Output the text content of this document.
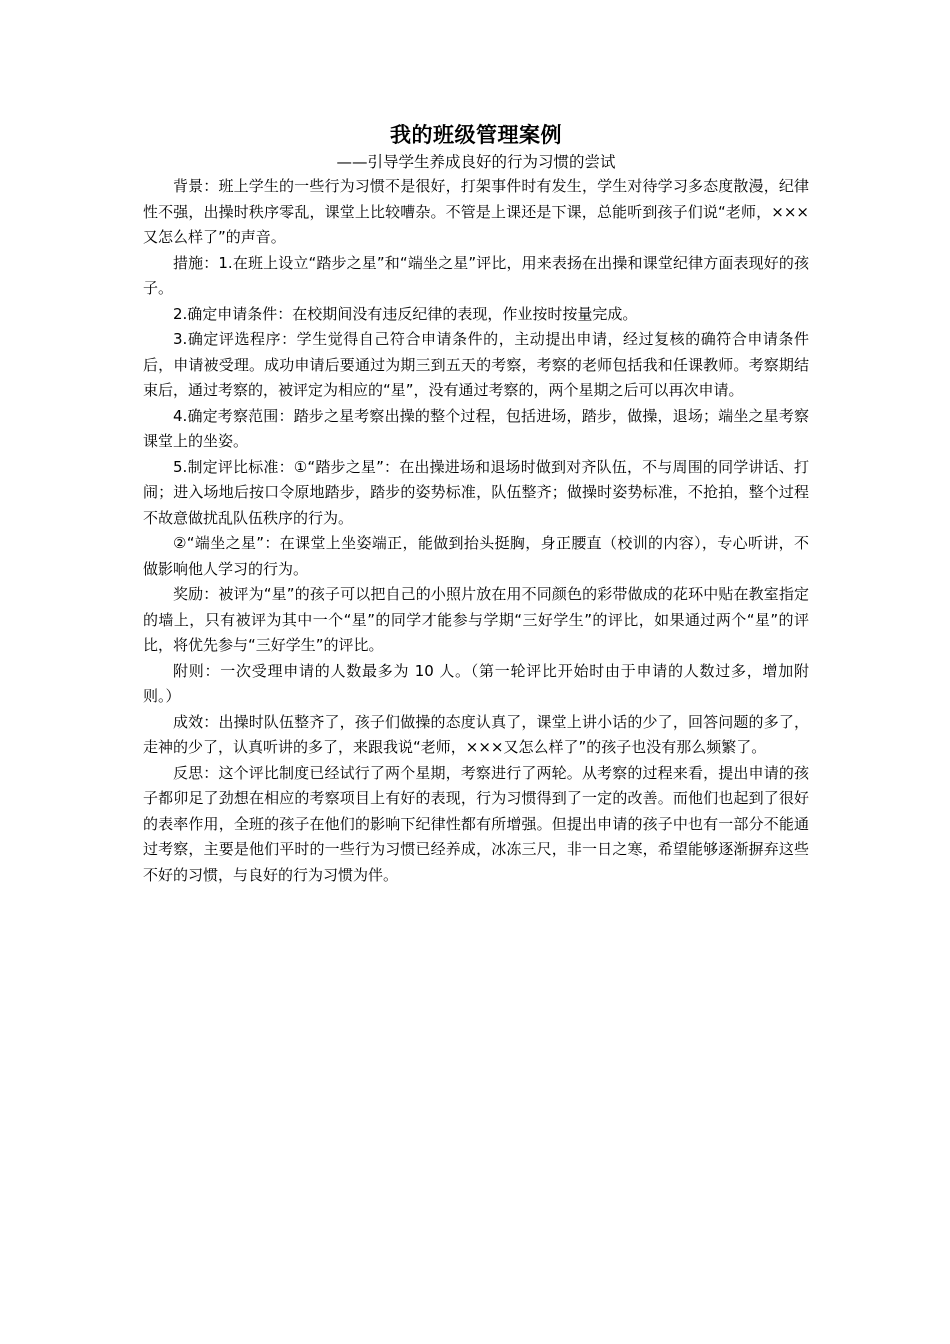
我的班级管理案例

——引导学生养成良好的行为习惯的尝试

背景：班上学生的一些行为习惯不是很好，打架事件时有发生，学生对待学习多态度散漫，纪律性不强，出操时秩序零乱，课堂上比较嘈杂。不管是上课还是下课，总能听到孩子们说“老师，×××又怎么样了”的声音。

措施：1.在班上设立“踏步之星”和“端坐之星”评比，用来表扬在出操和课堂纪律方面表现好的孩子。

2.确定申请条件：在校期间没有违反纪律的表现，作业按时按量完成。

3.确定评选程序：学生觉得自己符合申请条件的，主动提出申请，经过复核的确符合申请条件后，申请被受理。成功申请后要通过为期三到五天的考察，考察的老师包括我和任课教师。考察期结束后，通过考察的，被评定为相应的“星”，没有通过考察的，两个星期之后可以再次申请。

4.确定考察范围：踏步之星考察出操的整个过程，包括进场，踏步，做操，退场；端坐之星考察课堂上的坐姿。

5.制定评比标准：①“踏步之星”：在出操进场和退场时做到对齐队伍，不与周围的同学讲话、打闹；进入场地后按口令原地踏步，踏步的姿势标准，队伍整齐；做操时姿势标准，不抢拍，整个过程不故意做扰乱队伍秩序的行为。

②“端坐之星”：在课堂上坐姿端正，能做到抬头挺胸，身正腰直（校训的内容），专心听讲，不做影响他人学习的行为。

奖励：被评为“星”的孩子可以把自己的小照片放在用不同颜色的彩带做成的花环中贴在教室指定的墙上，只有被评为其中一个“星”的同学才能参与学期“三好学生”的评比，如果通过两个“星”的评比，将优先参与“三好学生”的评比。

附则：一次受理申请的人数最多为 10 人。（第一轮评比开始时由于申请的人数过多，增加附则。）

成效：出操时队伍整齐了，孩子们做操的态度认真了，课堂上讲小话的少了，回答问题的多了，走神的少了，认真听讲的多了，来跟我说“老师，×××又怎么样了”的孩子也没有那么频繁了。

反思：这个评比制度已经试行了两个星期，考察进行了两轮。从考察的过程来看，提出申请的孩子都卯足了劲想在相应的考察项目上有好的表现，行为习惯得到了一定的改善。而他们也起到了很好的表率作用，全班的孩子在他们的影响下纪律性都有所增强。但提出申请的孩子中也有一部分不能通过考察，主要是他们平时的一些行为习惯已经养成，冰冻三尺，非一日之寒，希望能够逐渐摒弃这些不好的习惯，与良好的行为习惯为伴。
